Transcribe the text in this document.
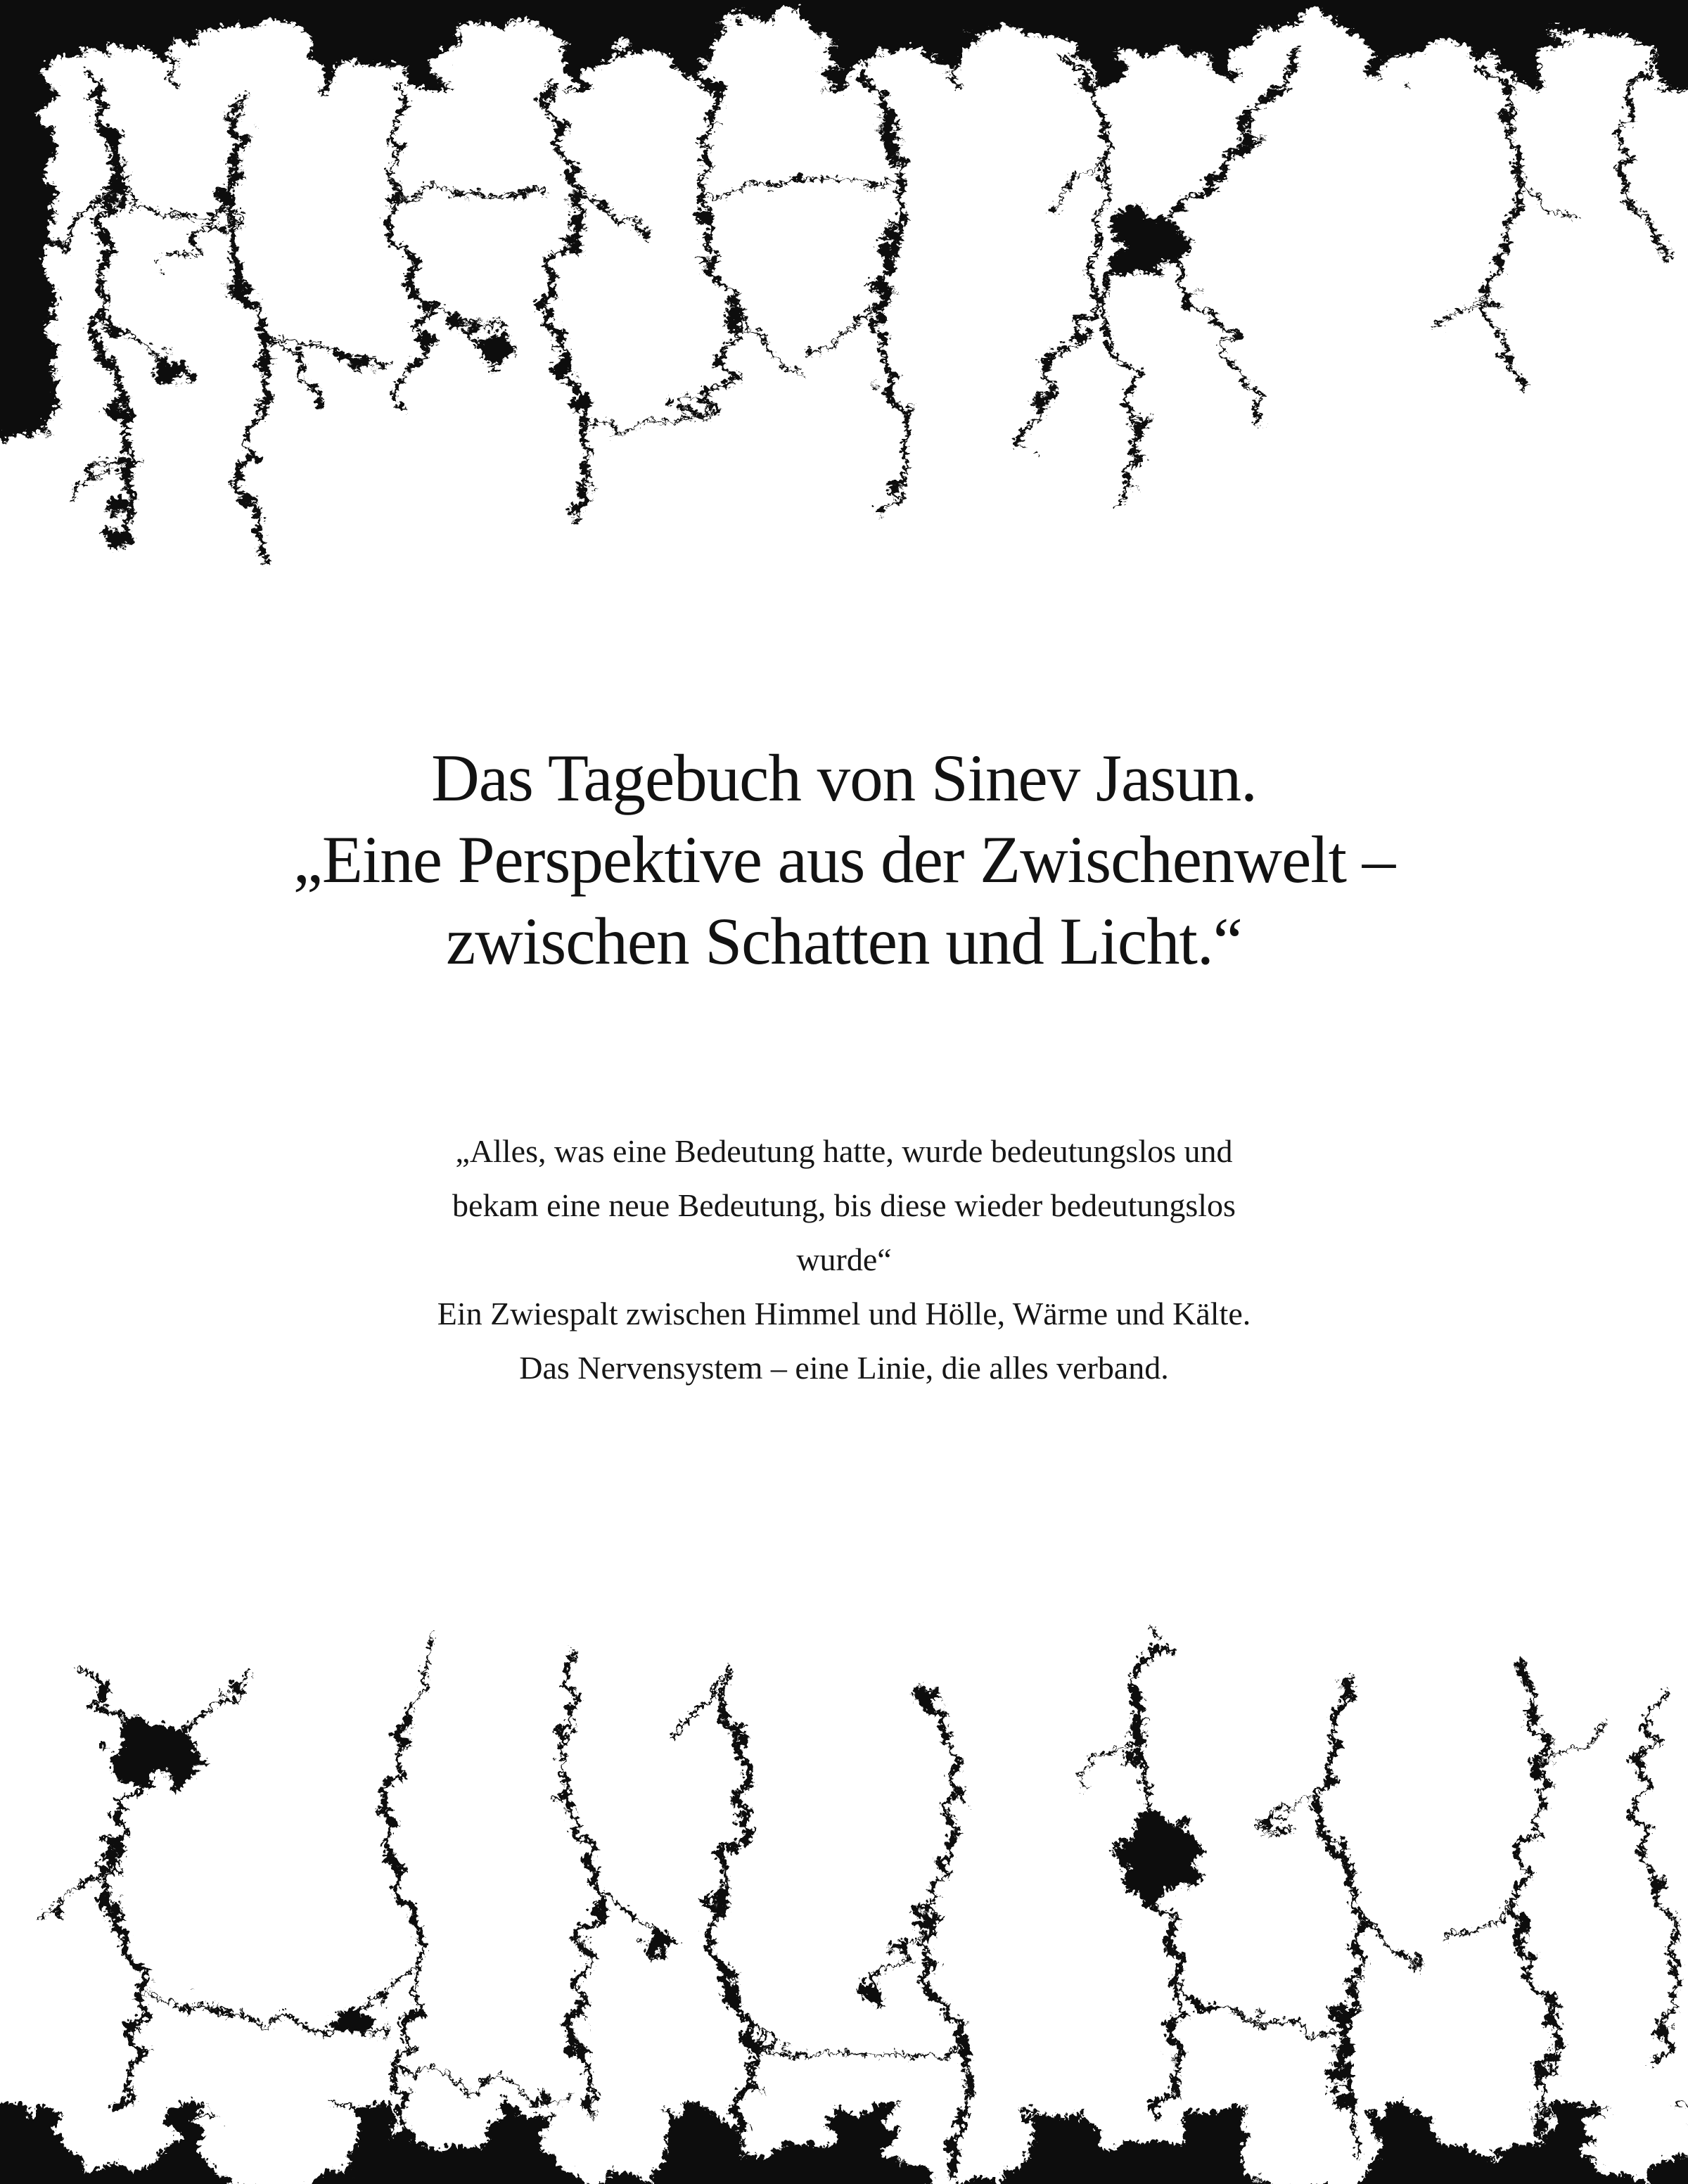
Das Tagebuch von Sinev Jasun.
„Eine Perspektive aus der Zwischenwelt –
zwischen Schatten und Licht.“

„Alles, was eine Bedeutung hatte, wurde bedeutungslos und
bekam eine neue Bedeutung, bis diese wieder bedeutungslos
wurde“

Ein Zwiespalt zwischen Himmel und Hölle, Wärme und Kälte.
Das Nervensystem – eine Linie, die alles verband.
